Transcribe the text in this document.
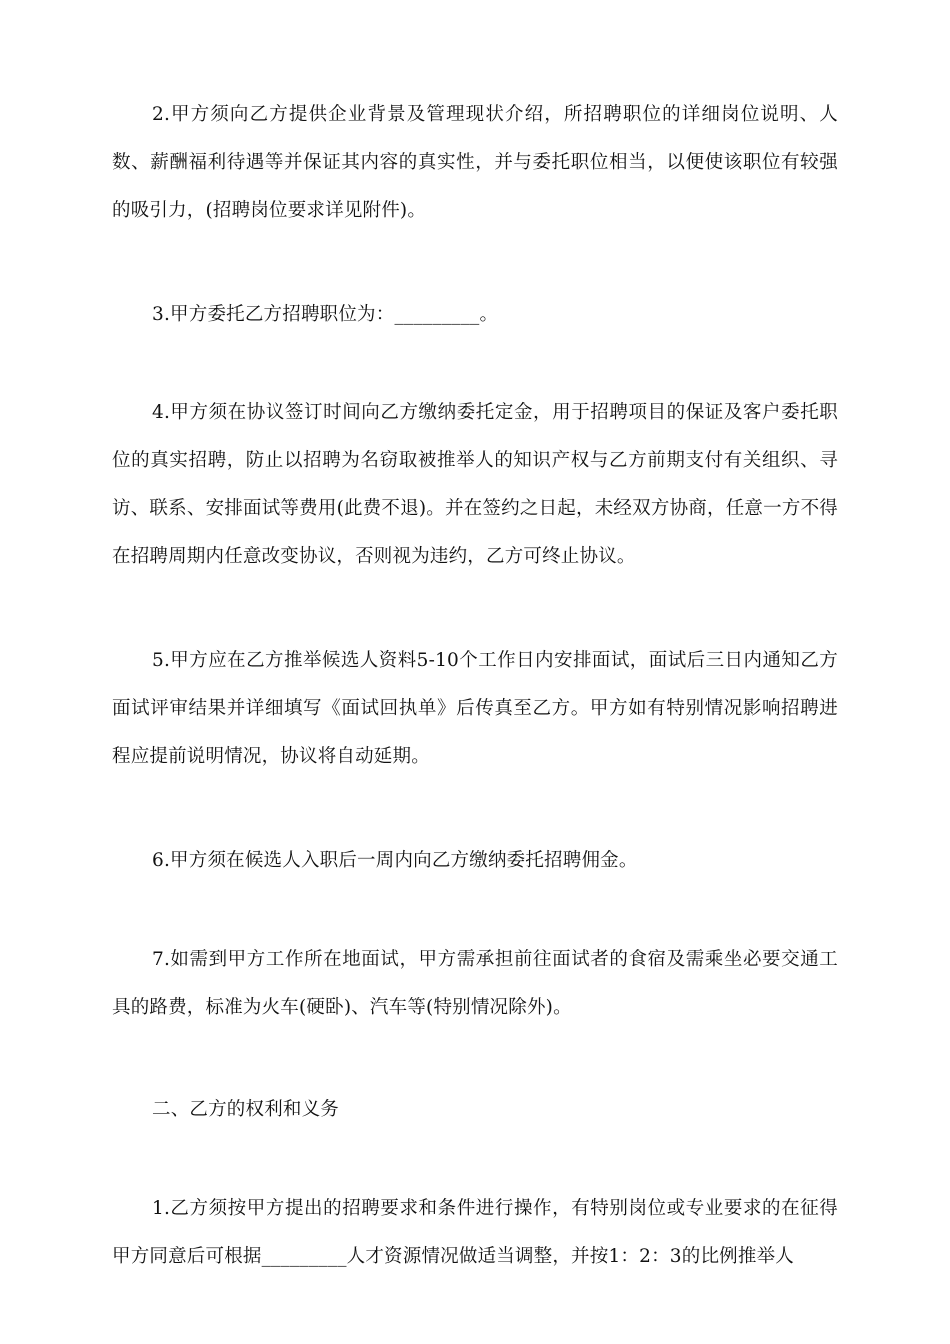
2.甲方须向乙方提供企业背景及管理现状介绍，所招聘职位的详细岗位说明、人数、薪酬福利待遇等并保证其内容的真实性，并与委托职位相当，以便使该职位有较强的吸引力，(招聘岗位要求详见附件)。

3.甲方委托乙方招聘职位为：_________。

4.甲方须在协议签订时间向乙方缴纳委托定金，用于招聘项目的保证及客户委托职位的真实招聘，防止以招聘为名窃取被推举人的知识产权与乙方前期支付有关组织、寻访、联系、安排面试等费用(此费不退)。并在签约之日起，未经双方协商，任意一方不得在招聘周期内任意改变协议，否则视为违约，乙方可终止协议。

5.甲方应在乙方推举候选人资料5-10个工作日内安排面试，面试后三日内通知乙方面试评审结果并详细填写《面试回执单》后传真至乙方。甲方如有特别情况影响招聘进程应提前说明情况，协议将自动延期。

6.甲方须在候选人入职后一周内向乙方缴纳委托招聘佣金。

7.如需到甲方工作所在地面试，甲方需承担前往面试者的食宿及需乘坐必要交通工具的路费，标准为火车(硬卧)、汽车等(特别情况除外)。

二、乙方的权利和义务

1.乙方须按甲方提出的招聘要求和条件进行操作，有特别岗位或专业要求的在征得甲方同意后可根据_________人才资源情况做适当调整，并按1：2：3的比例推举人
